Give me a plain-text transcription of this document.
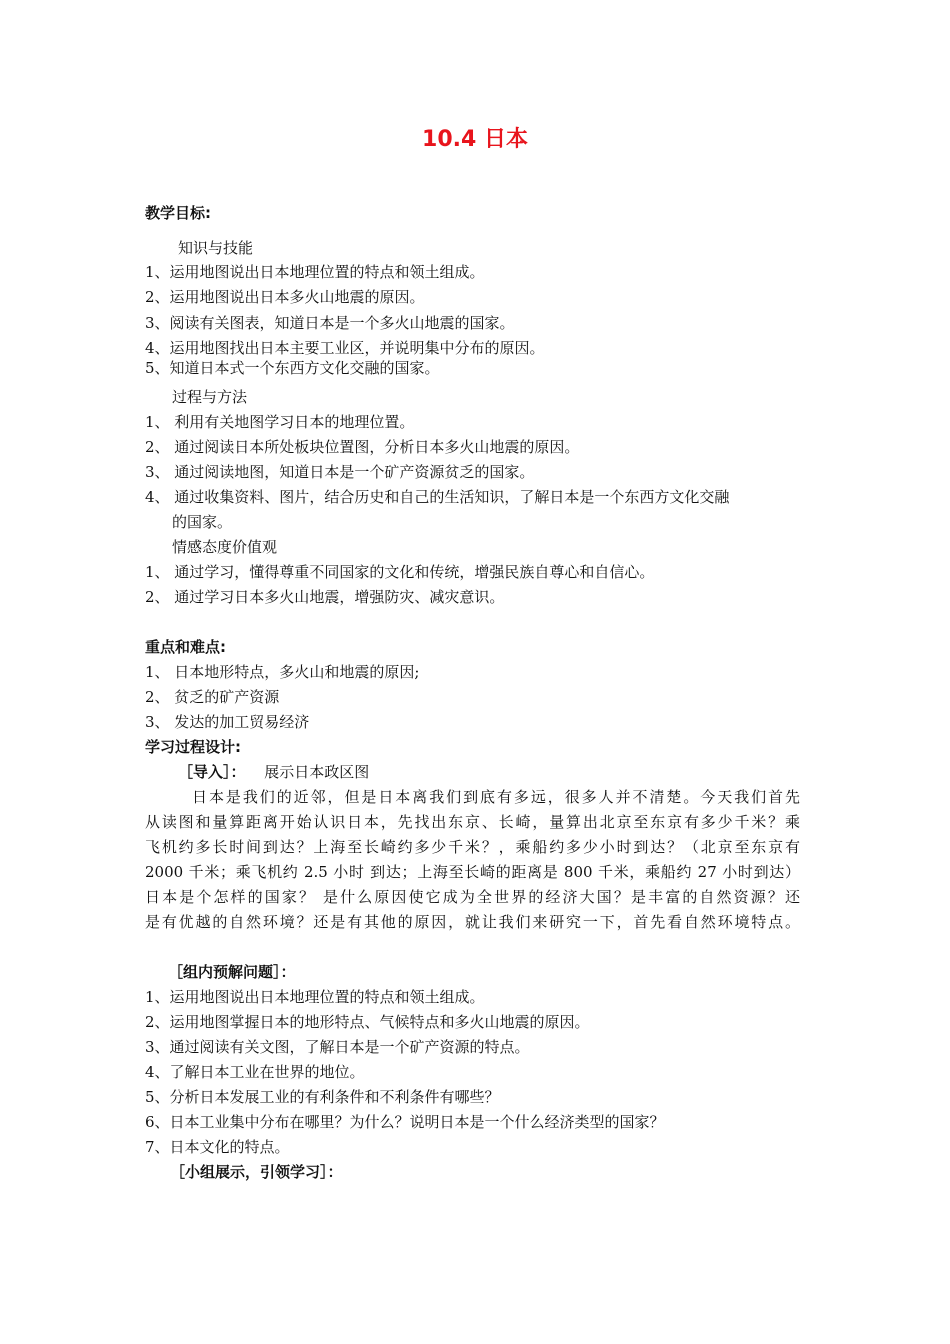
10.4 日本
教学目标:
知识与技能
1、运用地图说出日本地理位置的特点和领土组成。
2、运用地图说出日本多火山地震的原因。
3、阅读有关图表，知道日本是一个多火山地震的国家。
4、运用地图找出日本主要工业区，并说明集中分布的原因。
5、知道日本式一个东西方文化交融的国家。
过程与方法
1、 利用有关地图学习日本的地理位置。
2、 通过阅读日本所处板块位置图，分析日本多火山地震的原因。
3、 通过阅读地图，知道日本是一个矿产资源贫乏的国家。
4、 通过收集资料、图片，结合历史和自己的生活知识，了解日本是一个东西方文化交融
的国家。
情感态度价值观
1、 通过学习，懂得尊重不同国家的文化和传统，增强民族自尊心和自信心。
2、 通过学习日本多火山地震，增强防灾、减灾意识。
重点和难点:
1、 日本地形特点，多火山和地震的原因;
2、 贫乏的矿产资源
3、 发达的加工贸易经济
学习过程设计:
［导入］： 展示日本政区图
日本是我们的近邻，但是日本离我们到底有多远，很多人并不清楚。今天我们首先
从读图和量算距离开始认识日本，先找出东京、长崎，量算出北京至东京有多少千米？乘
飞机约多长时间到达？上海至长崎约多少千米？，乘船约多少小时到达？（北京至东京有
2000 千米；乘飞机约 2.5 小时 到达；上海至长崎的距离是 800 千米，乘船约 27 小时到达）
日本是个怎样的国家？ 是什么原因使它成为全世界的经济大国？是丰富的自然资源？还
是有优越的自然环境？还是有其他的原因，就让我们来研究一下，首先看自然环境特点。
［组内预解问题］：
1、运用地图说出日本地理位置的特点和领土组成。
2、运用地图掌握日本的地形特点、气候特点和多火山地震的原因。
3、通过阅读有关文图，了解日本是一个矿产资源的特点。
4、了解日本工业在世界的地位。
5、分析日本发展工业的有利条件和不利条件有哪些？
6、日本工业集中分布在哪里？为什么？说明日本是一个什么经济类型的国家？
7、日本文化的特点。
［小组展示，引领学习］：
